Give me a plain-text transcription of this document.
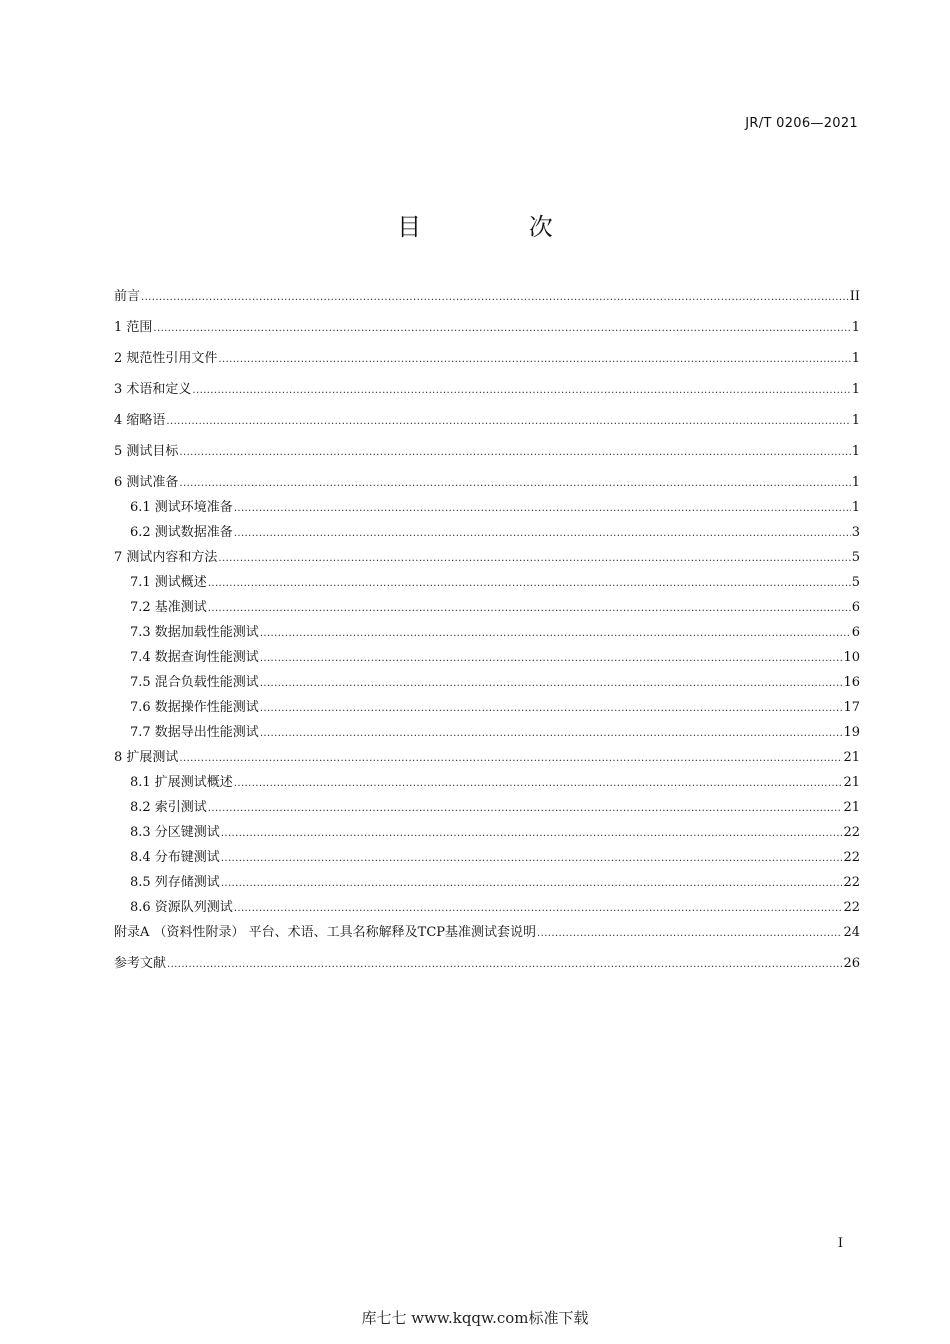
JR/T 0206—2021
目 次
前言 .....	II
1 范围 .....	1
2 规范性引用文件 .....	1
3 术语和定义 .....	1
4 缩略语 .....	1
5 测试目标 .....	1
6 测试准备 .....	1
6.1 测试环境准备 .....	1
6.2 测试数据准备 .....	3
7 测试内容和方法 .....	5
7.1 测试概述 .....	5
7.2 基准测试 .....	6
7.3 数据加载性能测试 .....	6
7.4 数据查询性能测试 .....	10
7.5 混合负载性能测试 .....	16
7.6 数据操作性能测试 .....	17
7.7 数据导出性能测试 .....	19
8 扩展测试 .....	21
8.1 扩展测试概述 .....	21
8.2 索引测试 .....	21
8.3 分区键测试 .....	22
8.4 分布键测试 .....	22
8.5 列存储测试 .....	22
8.6 资源队列测试 .....	22
附录A （资料性附录） 平台、术语、工具名称解释及TCP基准测试套说明 .....	24
参考文献 .....	26
I
库七七 www.kqqw.com标准下载
